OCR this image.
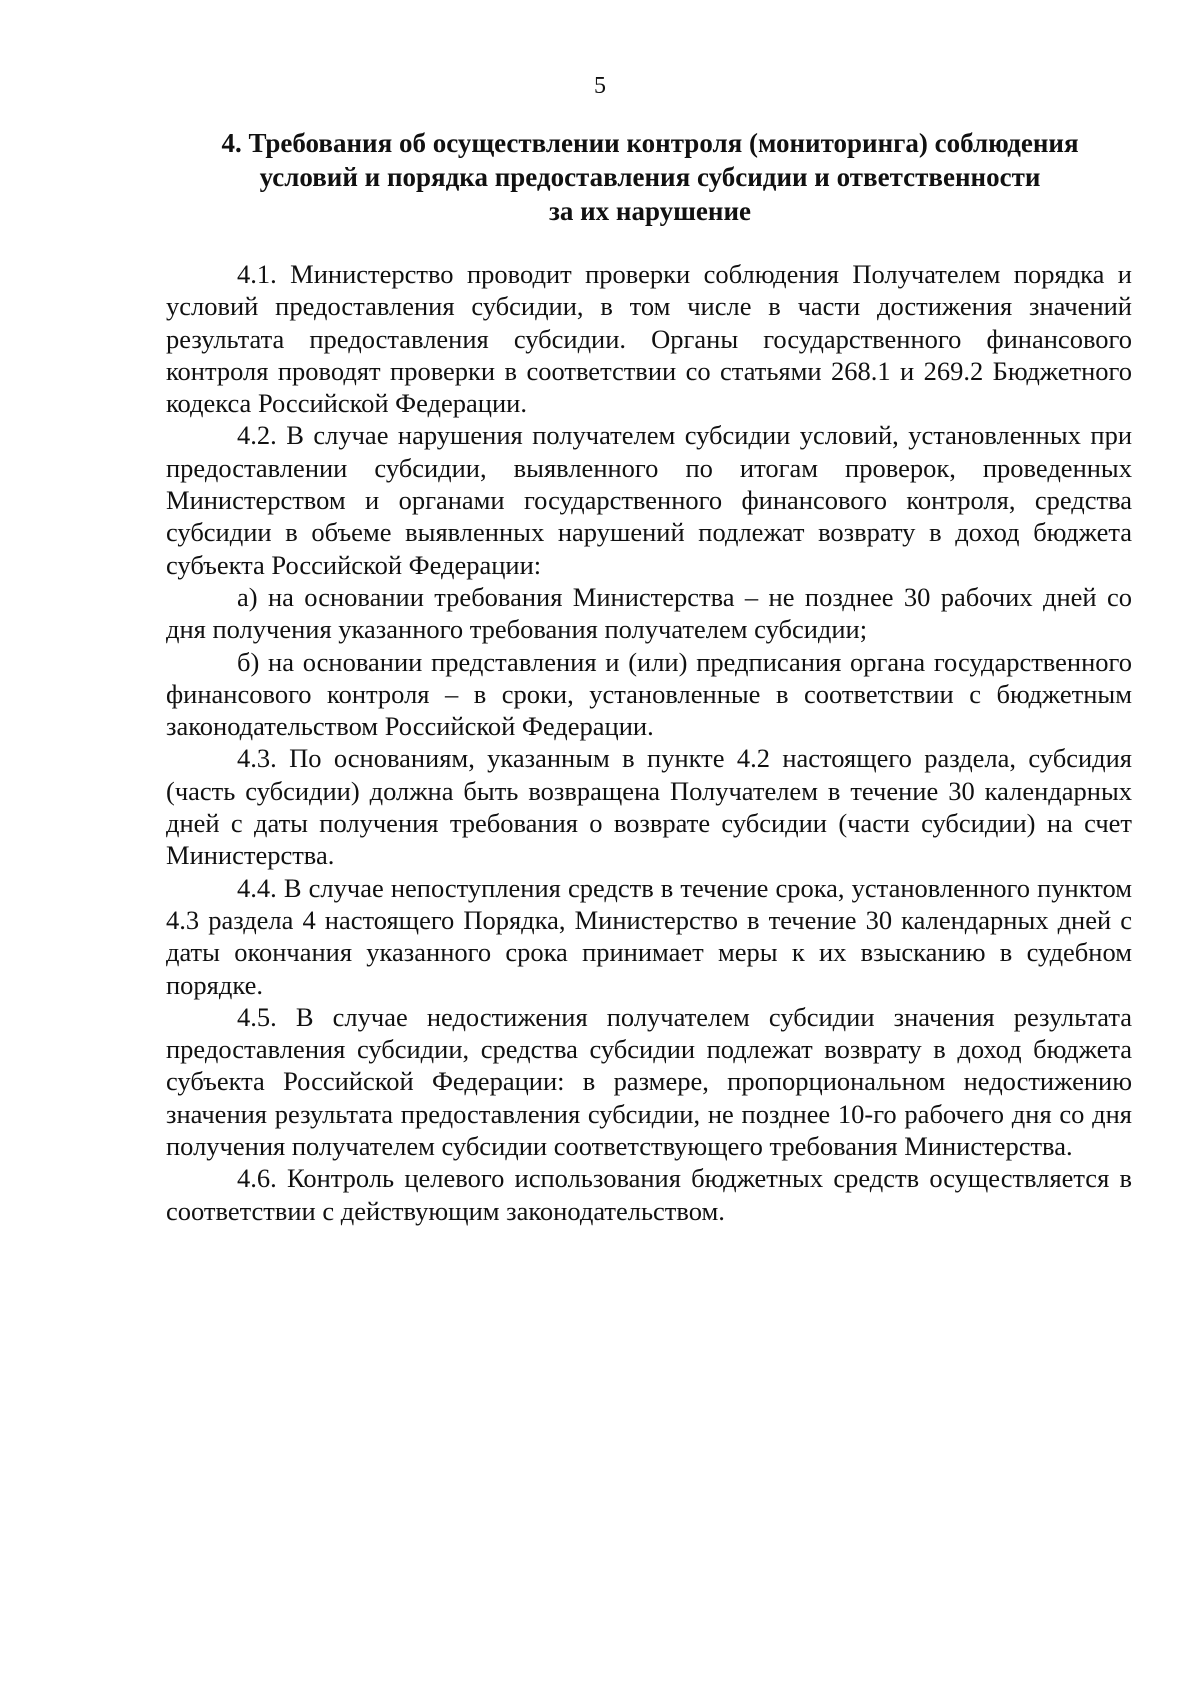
5
4. Требования об осуществлении контроля (мониторинга) соблюдения
условий и порядка предоставления субсидии и ответственности
за их нарушение

4.1. Министерство проводит проверки соблюдения Получателем порядка и условий предоставления субсидии, в том числе в части достижения значений результата предоставления субсидии. Органы государственного финансового контроля проводят проверки в соответствии со статьями 268.1 и 269.2 Бюджетного кодекса Российской Федерации.

4.2. В случае нарушения получателем субсидии условий, установленных при предоставлении субсидии, выявленного по итогам проверок, проведенных Министерством и органами государственного финансового контроля, средства субсидии в объеме выявленных нарушений подлежат возврату в доход бюджета субъекта Российской Федерации:

а) на основании требования Министерства – не позднее 30 рабочих дней со дня получения указанного требования получателем субсидии;

б) на основании представления и (или) предписания органа государственного финансового контроля – в сроки, установленные в соответствии с бюджетным законодательством Российской Федерации.

4.3. По основаниям, указанным в пункте 4.2 настоящего раздела, субсидия (часть субсидии) должна быть возвращена Получателем в течение 30 календарных дней с даты получения требования о возврате субсидии (части субсидии) на счет Министерства.

4.4. В случае непоступления средств в течение срока, установленного пунктом 4.3 раздела 4 настоящего Порядка, Министерство в течение 30 календарных дней с даты окончания указанного срока принимает меры к их взысканию в судебном порядке.

4.5. В случае недостижения получателем субсидии значения результата предоставления субсидии, средства субсидии подлежат возврату в доход бюджета субъекта Российской Федерации: в размере, пропорциональном недостижению значения результата предоставления субсидии, не позднее 10-го рабочего дня со дня получения получателем субсидии соответствующего требования Министерства.

4.6. Контроль целевого использования бюджетных средств осуществляется в соответствии с действующим законодательством.
